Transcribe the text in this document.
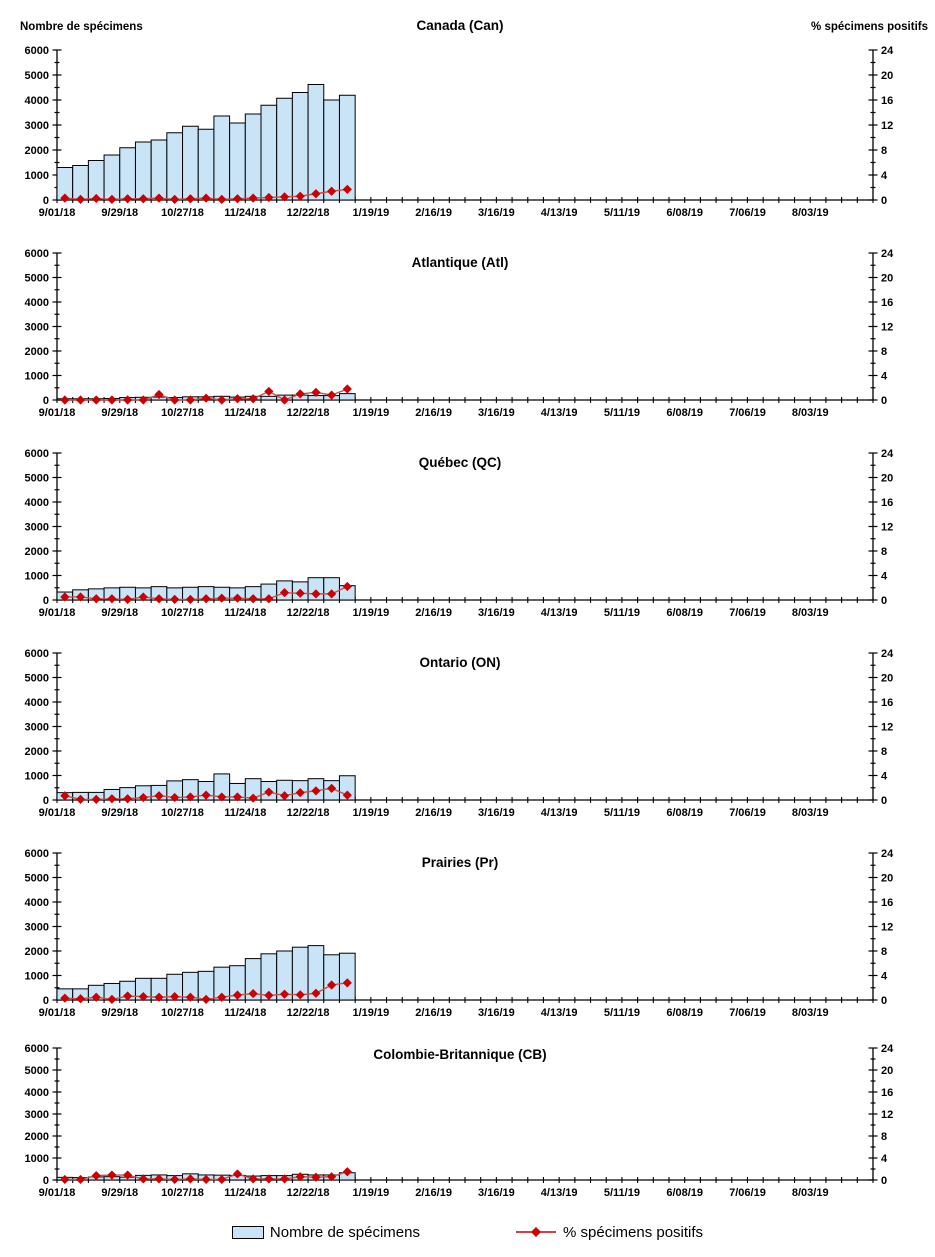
Nombre de spécimens	% spécimens positifs
Canada (Can)
0
1000
2000
3000
4000
5000
6000
0
4
8
12
16
20
24
9/01/18 9/29/18 10/27/18 11/24/18 12/22/18 1/19/19 2/16/19 3/16/19 4/13/19 5/11/19 6/08/19 7/06/19 8/03/19
Atlantique (Atl)
0
1000
2000
3000
4000
5000
6000
0
4
8
12
16
20
24
9/01/18 9/29/18 10/27/18 11/24/18 12/22/18 1/19/19 2/16/19 3/16/19 4/13/19 5/11/19 6/08/19 7/06/19 8/03/19
Québec (QC)
0
1000
2000
3000
4000
5000
6000
0
4
8
12
16
20
24
9/01/18 9/29/18 10/27/18 11/24/18 12/22/18 1/19/19 2/16/19 3/16/19 4/13/19 5/11/19 6/08/19 7/06/19 8/03/19
Ontario (ON)
0
1000
2000
3000
4000
5000
6000
0
4
8
12
16
20
24
9/01/18 9/29/18 10/27/18 11/24/18 12/22/18 1/19/19 2/16/19 3/16/19 4/13/19 5/11/19 6/08/19 7/06/19 8/03/19
Prairies (Pr)
0
1000
2000
3000
4000
5000
6000
0
4
8
12
16
20
24
9/01/18 9/29/18 10/27/18 11/24/18 12/22/18 1/19/19 2/16/19 3/16/19 4/13/19 5/11/19 6/08/19 7/06/19 8/03/19
Colombie-Britannique (CB)
0
1000
2000
3000
4000
5000
6000
0
4
8
12
16
20
24
9/01/18 9/29/18 10/27/18 11/24/18 12/22/18 1/19/19 2/16/19 3/16/19 4/13/19 5/11/19 6/08/19 7/06/19 8/03/19
Nombre de spécimens	% spécimens positifs
